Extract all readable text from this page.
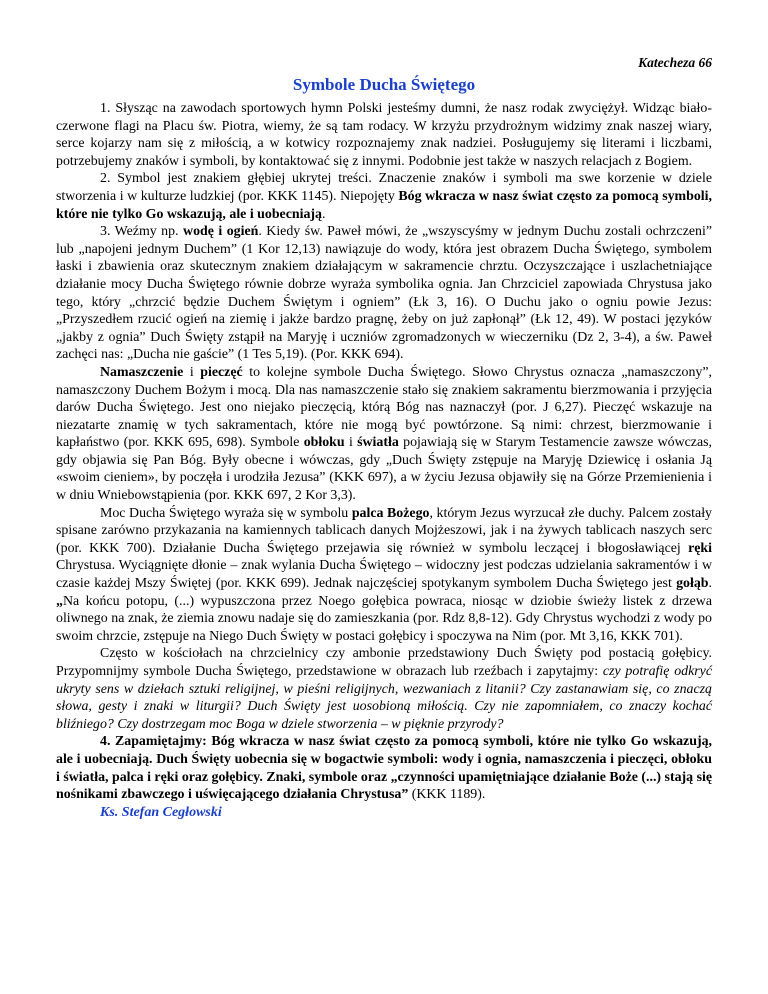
Katecheza 66
Symbole Ducha Świętego

1. Słysząc na zawodach sportowych hymn Polski jesteśmy dumni, że nasz rodak zwyciężył. Widząc biało-czerwone flagi na Placu św. Piotra, wiemy, że są tam rodacy. W krzyżu przydrożnym widzimy znak naszej wiary, serce kojarzy nam się z miłością, a w kotwicy rozpoznajemy znak nadziei. Posługujemy się literami i liczbami, potrzebujemy znaków i symboli, by kontaktować się z innymi. Podobnie jest także w naszych relacjach z Bogiem.

2. Symbol jest znakiem głębiej ukrytej treści. Znaczenie znaków i symboli ma swe korzenie w dziele stworzenia i w kulturze ludzkiej (por. KKK 1145). Niepojęty Bóg wkracza w nasz świat często za pomocą symboli, które nie tylko Go wskazują, ale i uobecniają.

3. Weźmy np. wodę i ogień. Kiedy św. Paweł mówi, że „wszyscyśmy w jednym Duchu zostali ochrzczeni” lub „napojeni jednym Duchem” (1 Kor 12,13) nawiązuje do wody, która jest obrazem Ducha Świętego, symbolem łaski i zbawienia oraz skutecznym znakiem działającym w sakramencie chrztu. Oczyszczające i uszlachetniające działanie mocy Ducha Świętego równie dobrze wyraża symbolika ognia. Jan Chrzciciel zapowiada Chrystusa jako tego, który „chrzcić będzie Duchem Świętym i ogniem” (Łk 3, 16). O Duchu jako o ogniu powie Jezus: „Przyszedłem rzucić ogień na ziemię i jakże bardzo pragnę, żeby on już zapłonął” (Łk 12, 49). W postaci języków „jakby z ognia” Duch Święty zstąpił na Maryję i uczniów zgromadzonych w wieczerniku (Dz 2, 3-4), a św. Paweł zachęci nas: „Ducha nie gaście” (1 Tes 5,19). (Por. KKK 694).

Namaszczenie i pieczęć to kolejne symbole Ducha Świętego. Słowo Chrystus oznacza „namaszczony”, namaszczony Duchem Bożym i mocą. Dla nas namaszczenie stało się znakiem sakramentu bierzmowania i przyjęcia darów Ducha Świętego. Jest ono niejako pieczęcią, którą Bóg nas naznaczył (por. J 6,27). Pieczęć wskazuje na niezatarte znamię w tych sakramentach, które nie mogą być powtórzone. Są nimi: chrzest, bierzmowanie i kapłaństwo (por. KKK 695, 698). Symbole obłoku i światła pojawiają się w Starym Testamencie zawsze wówczas, gdy objawia się Pan Bóg. Były obecne i wówczas, gdy „Duch Święty zstępuje na Maryję Dziewicę i osłania Ją «swoim cieniem», by poczęła i urodziła Jezusa” (KKK 697), a w życiu Jezusa objawiły się na Górze Przemienienia i w dniu Wniebowstąpienia (por. KKK 697, 2 Kor 3,3).

Moc Ducha Świętego wyraża się w symbolu palca Bożego, którym Jezus wyrzucał złe duchy. Palcem zostały spisane zarówno przykazania na kamiennych tablicach danych Mojżeszowi, jak i na żywych tablicach naszych serc (por. KKK 700). Działanie Ducha Świętego przejawia się również w symbolu leczącej i błogosławiącej ręki Chrystusa. Wyciągnięte dłonie – znak wylania Ducha Świętego – widoczny jest podczas udzielania sakramentów i w czasie każdej Mszy Świętej (por. KKK 699). Jednak najczęściej spotykanym symbolem Ducha Świętego jest gołąb. „Na końcu potopu, (...) wypuszczona przez Noego gołębica powraca, niosąc w dziobie świeży listek z drzewa oliwnego na znak, że ziemia znowu nadaje się do zamieszkania (por. Rdz 8,8-12). Gdy Chrystus wychodzi z wody po swoim chrzcie, zstępuje na Niego Duch Święty w postaci gołębicy i spoczywa na Nim (por. Mt 3,16, KKK 701).

Często w kościołach na chrzcielnicy czy ambonie przedstawiony Duch Święty pod postacią gołębicy. Przypomnijmy symbole Ducha Świętego, przedstawione w obrazach lub rzeźbach i zapytajmy: czy potrafię odkryć ukryty sens w dziełach sztuki religijnej, w pieśni religijnych, wezwaniach z litanii? Czy zastanawiam się, co znaczą słowa, gesty i znaki w liturgii? Duch Święty jest uosobioną miłością. Czy nie zapomniałem, co znaczy kochać bliźniego? Czy dostrzegam moc Boga w dziele stworzenia – w pięknie przyrody?

4. Zapamiętajmy: Bóg wkracza w nasz świat często za pomocą symboli, które nie tylko Go wskazują, ale i uobecniają. Duch Święty uobecnia się w bogactwie symboli: wody i ognia, namaszczenia i pieczęci, obłoku i światła, palca i ręki oraz gołębicy. Znaki, symbole oraz „czynności upamiętniające działanie Boże (...) stają się nośnikami zbawczego i uświęcającego działania Chrystusa” (KKK 1189).

Ks. Stefan Cegłowski
